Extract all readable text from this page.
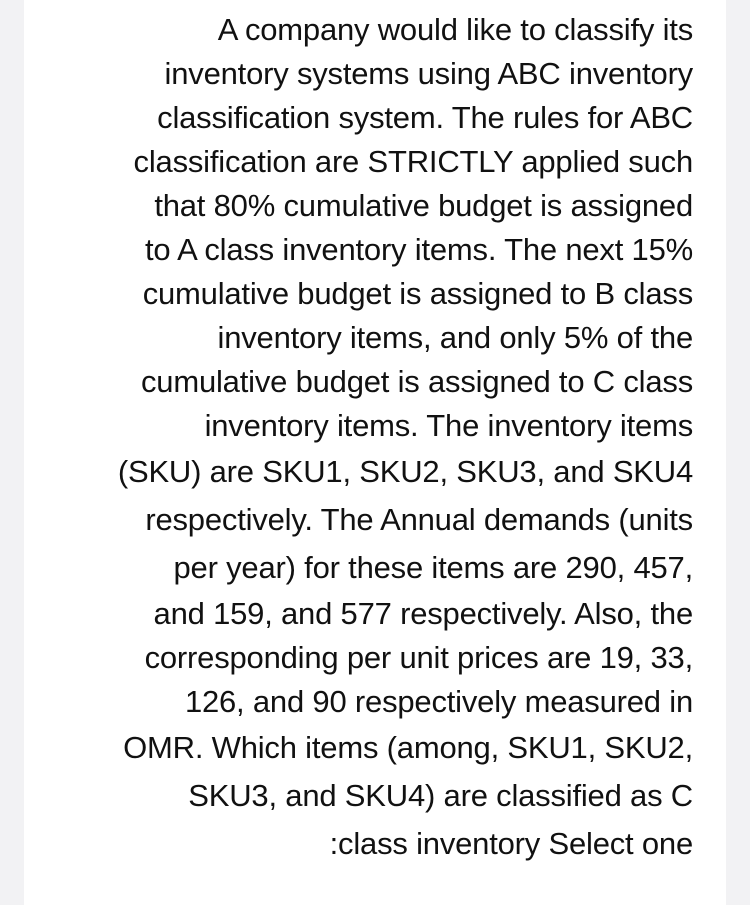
A company would like to classify its
inventory systems using ABC inventory
classification system. The rules for ABC
classification are STRICTLY applied such
that 80% cumulative budget is assigned
to A class inventory items. The next 15%
cumulative budget is assigned to B class
inventory items, and only 5% of the
cumulative budget is assigned to C class
inventory items. The inventory items
(SKU) are SKU1, SKU2, SKU3, and SKU4
respectively. The Annual demands (units
per year) for these items are 290, 457,
and 159, and 577 respectively. Also, the
corresponding per unit prices are 19, 33,
126, and 90 respectively measured in
OMR. Which items (among, SKU1, SKU2,
SKU3, and SKU4) are classified as C
:class inventory Select one
